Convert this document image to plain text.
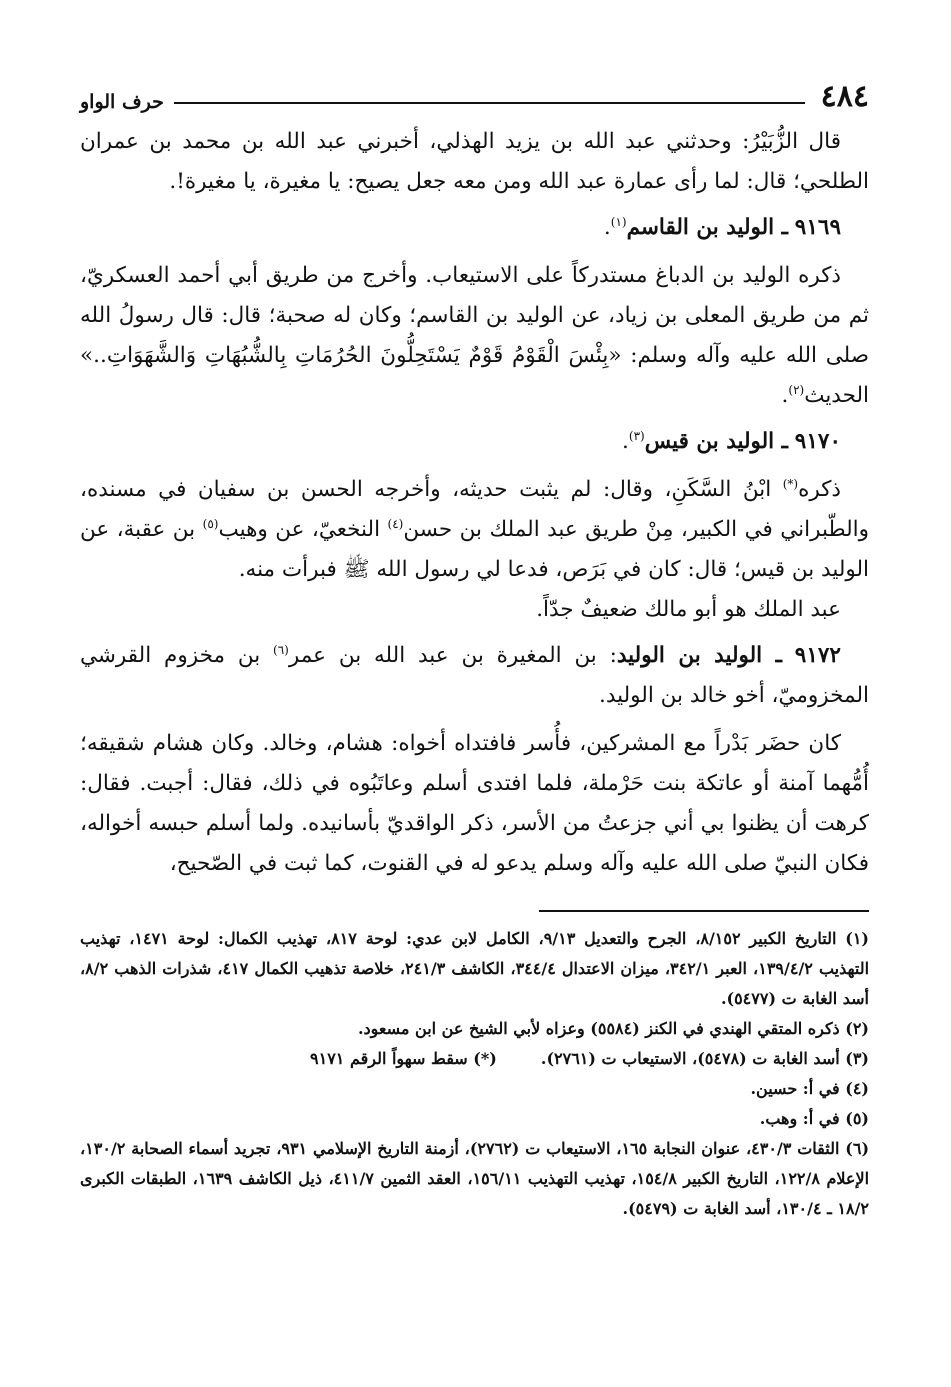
٤٨٤
حرف الواو

قال الزُّبَيْرُ: وحدثني عبد الله بن يزيد الهذلي، أخبرني عبد الله بن محمد بن عمران الطلحي؛ قال: لما رأى عمارة عبد الله ومن معه جعل يصيح: يا مغيرة، يا مغيرة!.

٩١٦٩ ـ الوليد بن القاسم$^{(١)}$.

ذكره الوليد بن الدباغ مستدركاً على الاستيعاب. وأخرج من طريق أبي أحمد العسكريّ، ثم من طريق المعلى بن زياد، عن الوليد بن القاسم؛ وكان له صحبة؛ قال: قال رسولُ الله صلى الله عليه وآله وسلم: «بِئْسَ الْقَوْمُ قَوْمٌ يَسْتَحِلُّونَ الحُرُمَاتِ بِالشُّبُهَاتِ وَالشَّهَوَاتِ..» الحديث$^{(٢)}$.

٩١٧٠ ـ الوليد بن قيس$^{(٣)}$.

ذكره(*) ابْنُ السَّكَنِ، وقال: لم يثبت حديثه، وأخرجه الحسن بن سفيان في مسنده، والطّبراني في الكبير، مِنْ طريق عبد الملك بن حسن$^{(٤)}$ النخعيّ، عن وهيب$^{(٥)}$ بن عقبة، عن الوليد بن قيس؛ قال: كان في بَرَص، فدعا لي رسول الله ﷺ فبرأت منه.

عبد الملك هو أبو مالك ضعيفٌ جدّاً.

٩١٧٢ ـ الوليد بن الوليد: بن المغيرة بن عبد الله بن عمر$^{(٦)}$ بن مخزوم القرشي المخزوميّ، أخو خالد بن الوليد.

كان حضَر بَدْراً مع المشركين، فأُسر فافتداه أخواه: هشام، وخالد. وكان هشام شقيقه؛ أُمُّهما آمنة أو عاتكة بنت حَرْملة، فلما افتدى أسلم وعاتَبُوه في ذلك، فقال: أجبت. فقال: كرهت أن يظنوا بي أني جزعتُ من الأسر، ذكر الواقديّ بأسانيده. ولما أسلم حبسه أخواله، فكان النبيّ صلى الله عليه وآله وسلم يدعو له في القنوت، كما ثبت في الصّحيح،

(١) التاريخ الكبير ٨/١٥٢، الجرح والتعديل ٩/١٣، الكامل لابن عدي: لوحة ٨١٧، تهذيب الكمال: لوحة ١٤٧١، تهذيب التهذيب ١٣٩/٤/٢، العبر ٣٤٢/١، ميزان الاعتدال ٣٤٤/٤، الكاشف ٢٤١/٣، خلاصة تذهيب الكمال ٤١٧، شذرات الذهب ٨/٢، أسد الغابة ت (٥٤٧٧).

(٢) ذكره المتقي الهندي في الكنز (٥٥٨٤) وعزاه لأبي الشيخ عن ابن مسعود.

(٣) أسد الغابة ت (٥٤٧٨)، الاستيعاب ت (٢٧٦١).
(*) سقط سهواً الرقم ٩١٧١

(٤) في أ: حسين.

(٥) في أ: وهب.

(٦) الثقات ٤٣٠/٣، عنوان النجابة ١٦٥، الاستيعاب ت (٢٧٦٢)، أزمنة التاريخ الإسلامي ٩٣١، تجريد أسماء الصحابة ١٣٠/٢، الإعلام ١٢٢/٨، التاريخ الكبير ١٥٤/٨، تهذيب التهذيب ١٥٦/١١، العقد الثمين ٤١١/٧، ذيل الكاشف ١٦٣٩، الطبقات الكبرى ١٨/٢ ـ ١٣٠/٤، أسد الغابة ت (٥٤٧٩).
